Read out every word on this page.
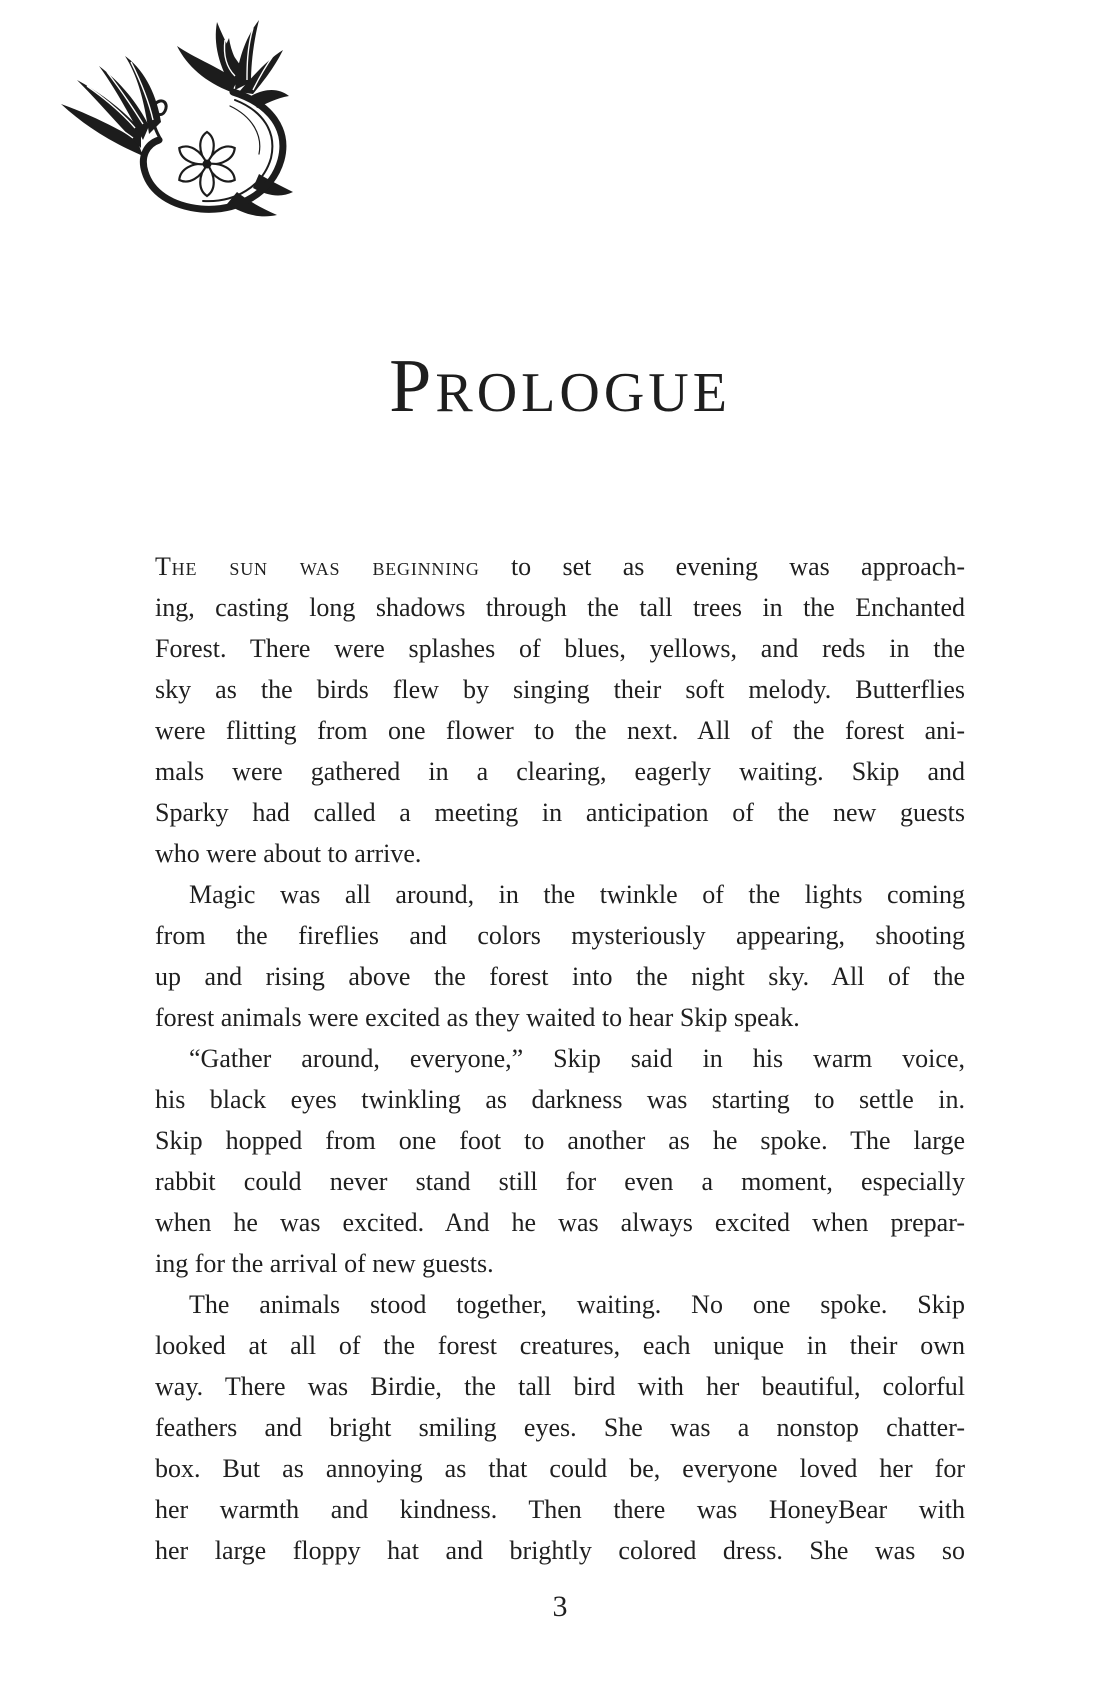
PROLOGUE
The sun was beginning to set as evening was approach-
ing, casting long shadows through the tall trees in the Enchanted
Forest. There were splashes of blues, yellows, and reds in the
sky as the birds flew by singing their soft melody. Butterflies
were flitting from one flower to the next. All of the forest ani-
mals were gathered in a clearing, eagerly waiting. Skip and
Sparky had called a meeting in anticipation of the new guests
who were about to arrive.
Magic was all around, in the twinkle of the lights coming
from the fireflies and colors mysteriously appearing, shooting
up and rising above the forest into the night sky. All of the
forest animals were excited as they waited to hear Skip speak.
“Gather around, everyone,” Skip said in his warm voice,
his black eyes twinkling as darkness was starting to settle in.
Skip hopped from one foot to another as he spoke. The large
rabbit could never stand still for even a moment, especially
when he was excited. And he was always excited when prepar-
ing for the arrival of new guests.
The animals stood together, waiting. No one spoke. Skip
looked at all of the forest creatures, each unique in their own
way. There was Birdie, the tall bird with her beautiful, colorful
feathers and bright smiling eyes. She was a nonstop chatter-
box. But as annoying as that could be, everyone loved her for
her warmth and kindness. Then there was HoneyBear with
her large floppy hat and brightly colored dress. She was so
3
